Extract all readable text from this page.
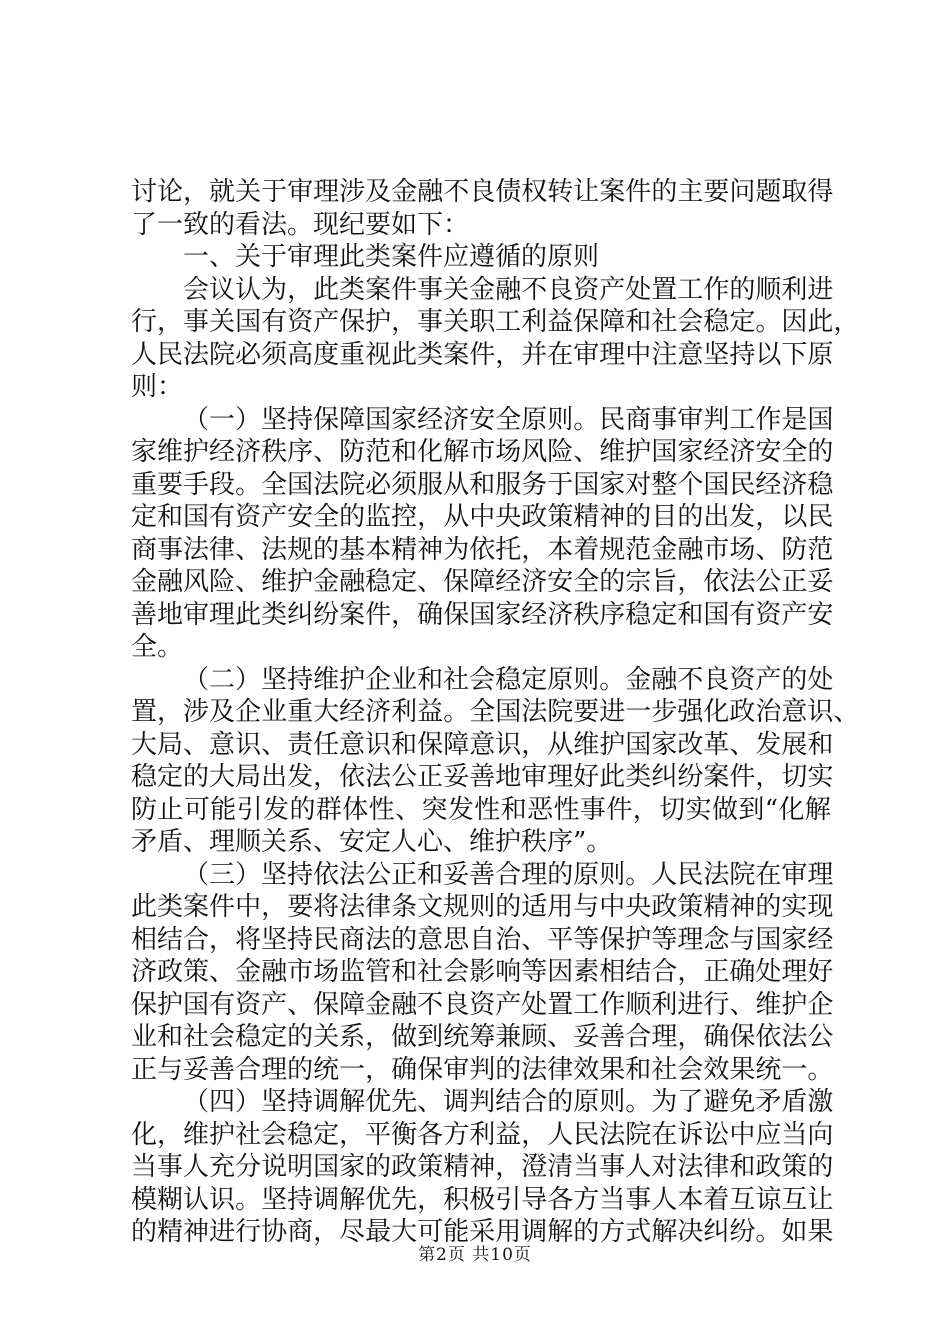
讨 论 ， 就 关 于 审 理 涉 及 金 融 不 良 债 权 转 让 案 件 的 主 要 问 题 取 得
了一致的看法。现纪要如下：
一、关于审理此类案件应遵循的原则
会 议 认 为 ， 此 类 案 件 事 关 金 融 不 良 资 产 处 置 工 作 的 顺 利 进
行 ， 事 关 国 有 资 产 保 护 ， 事 关 职 工 利 益 保 障 和 社 会 稳 定 。 因 此 ，
人 民 法 院 必 须 高 度 重 视 此 类 案 件 ， 并 在 审 理 中 注 意 坚 持 以 下 原
则：
（ 一 ） 坚 持 保 障 国 家 经 济 安 全 原 则 。 民 商 事 审 判 工 作 是 国
家 维 护 经 济 秩 序 、 防 范 和 化 解 市 场 风 险 、 维 护 国 家 经 济 安 全 的
重 要 手 段 。 全 国 法 院 必 须 服 从 和 服 务 于 国 家 对 整 个 国 民 经 济 稳
定 和 国 有 资 产 安 全 的 监 控 ， 从 中 央 政 策 精 神 的 目 的 出 发 ， 以 民
商 事 法 律 、 法 规 的 基 本 精 神 为 依 托 ， 本 着 规 范 金 融 市 场 、 防 范
金 融 风 险 、 维 护 金 融 稳 定 、 保 障 经 济 安 全 的 宗 旨 ， 依 法 公 正 妥
善 地 审 理 此 类 纠 纷 案 件 ， 确 保 国 家 经 济 秩 序 稳 定 和 国 有 资 产 安
全。
（ 二 ） 坚 持 维 护 企 业 和 社 会 稳 定 原 则 。 金 融 不 良 资 产 的 处
置 ， 涉 及 企 业 重 大 经 济 利 益 。 全 国 法 院 要 进 一 步 强 化 政 治 意 识 、
大 局 、 意 识 、 责 任 意 识 和 保 障 意 识 ， 从 维 护 国 家 改 革 、 发 展 和
稳 定 的 大 局 出 发 ， 依 法 公 正 妥 善 地 审 理 好 此 类 纠 纷 案 件 ， 切 实
防 止 可 能 引 发 的 群 体 性 、 突 发 性 和 恶 性 事 件 ， 切 实 做 到 “ 化 解
矛盾、理顺关系、安定人心、维护秩序”。
（ 三 ） 坚 持 依 法 公 正 和 妥 善 合 理 的 原 则 。 人 民 法 院 在 审 理
此 类 案 件 中 ， 要 将 法 律 条 文 规 则 的 适 用 与 中 央 政 策 精 神 的 实 现
相 结 合 ， 将 坚 持 民 商 法 的 意 思 自 治 、 平 等 保 护 等 理 念 与 国 家 经
济 政 策 、 金 融 市 场 监 管 和 社 会 影 响 等 因 素 相 结 合 ， 正 确 处 理 好
保 护 国 有 资 产 、 保 障 金 融 不 良 资 产 处 置 工 作 顺 利 进 行 、 维 护 企
业 和 社 会 稳 定 的 关 系 ， 做 到 统 筹 兼 顾 、 妥 善 合 理 ， 确 保 依 法 公
正 与 妥 善 合 理 的 统 一 ， 确 保 审 判 的 法 律 效 果 和 社 会 效 果 统 一 。
（ 四 ） 坚 持 调 解 优 先 、 调 判 结 合 的 原 则 。 为 了 避 免 矛 盾 激
化 ， 维 护 社 会 稳 定 ， 平 衡 各 方 利 益 ， 人 民 法 院 在 诉 讼 中 应 当 向
当 事 人 充 分 说 明 国 家 的 政 策 精 神 ， 澄 清 当 事 人 对 法 律 和 政 策 的
模 糊 认 识 。 坚 持 调 解 优 先 ， 积 极 引 导 各 方 当 事 人 本 着 互 谅 互 让
的 精 神 进 行 协 商 ， 尽 最 大 可 能 采 用 调 解 的 方 式 解 决 纠 纷 。 如 果
第2页 共10页
